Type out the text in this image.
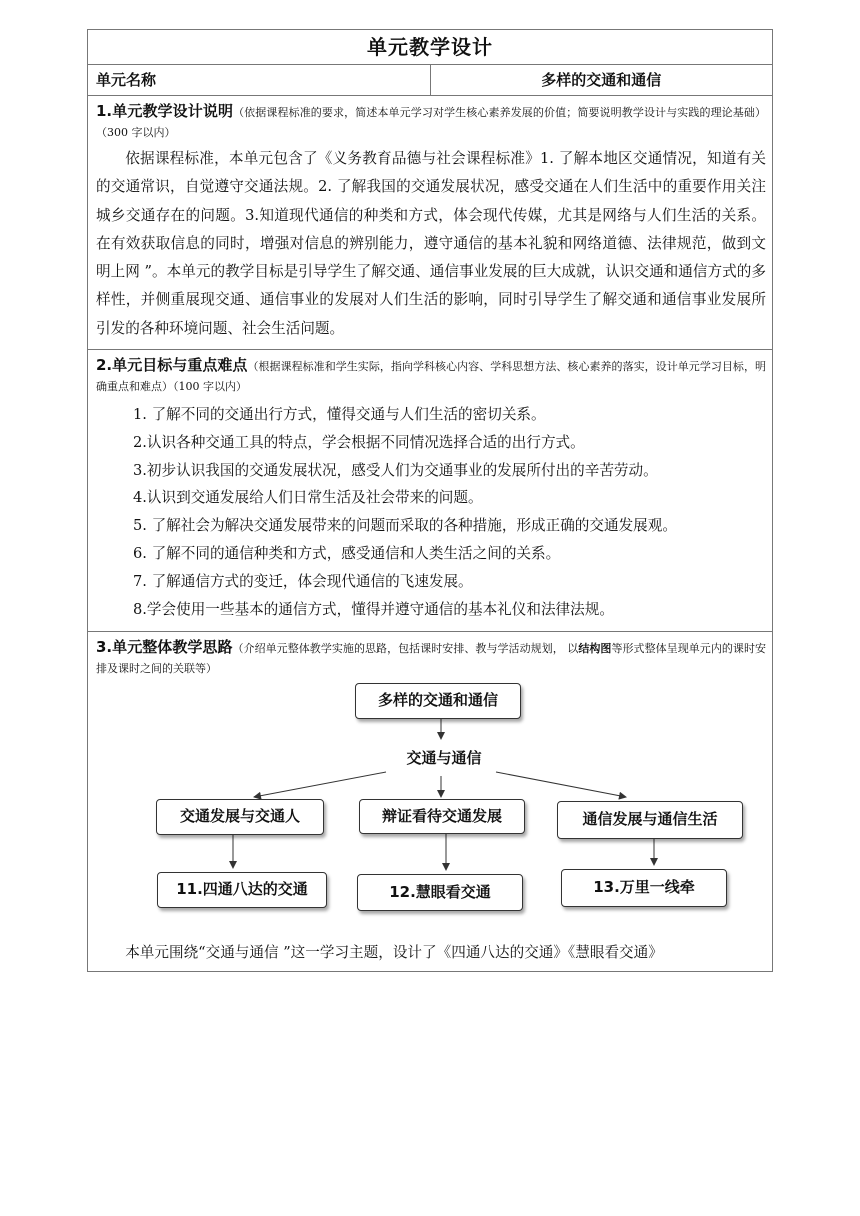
单元教学设计
单元名称	多样的交通和通信

1.单元教学设计说明（依据课程标准的要求，简述本单元学习对学生核心素养发展的价值；简要说明教学设计与实践的理论基础）（300 字以内）

依据课程标准，本单元包含了《义务教育品德与社会课程标准》1. 了解本地区交通情况，知道有关的交通常识，自觉遵守交通法规。2. 了解我国的交通发展状况，感受交通在人们生活中的重要作用关注城乡交通存在的问题。3.知道现代通信的种类和方式，体会现代传媒，尤其是网络与人们生活的关系。在有效获取信息的同时，增强对信息的辨别能力，遵守通信的基本礼貌和网络道德、法律规范，做到文明上网 ”。本单元的教学目标是引导学生了解交通、通信事业发展的巨大成就，认识交通和通信方式的多样性，并侧重展现交通、通信事业的发展对人们生活的影响，同时引导学生了解交通和通信事业发展所引发的各种环境问题、社会生活问题。

2.单元目标与重点难点（根据课程标准和学生实际，指向学科核心内容、学科思想方法、核心素养的落实，设计单元学习目标，明确重点和难点）（100 字以内）
1. 了解不同的交通出行方式，懂得交通与人们生活的密切关系。
2.认识各种交通工具的特点，学会根据不同情况选择合适的出行方式。
3.初步认识我国的交通发展状况，感受人们为交通事业的发展所付出的辛苦劳动。
4.认识到交通发展给人们日常生活及社会带来的问题。
5. 了解社会为解决交通发展带来的问题而采取的各种措施，形成正确的交通发展观。
6. 了解不同的通信种类和方式，感受通信和人类生活之间的关系。
7. 了解通信方式的变迁，体会现代通信的飞速发展。
8.学会使用一些基本的通信方式，懂得并遵守通信的基本礼仪和法律法规。

3.单元整体教学思路（介绍单元整体教学实施的思路，包括课时安排、教与学活动规划， 以结构图等形式整体呈现单元内的课时安排及课时之间的关联等）
多样的交通和通信
交通与通信
交通发展与交通人	辩证看待交通发展	通信发展与通信生活
11.四通八达的交通	12.慧眼看交通	13.万里一线牵

本单元围绕“交通与通信 ”这一学习主题，设计了《四通八达的交通》《慧眼看交通》
